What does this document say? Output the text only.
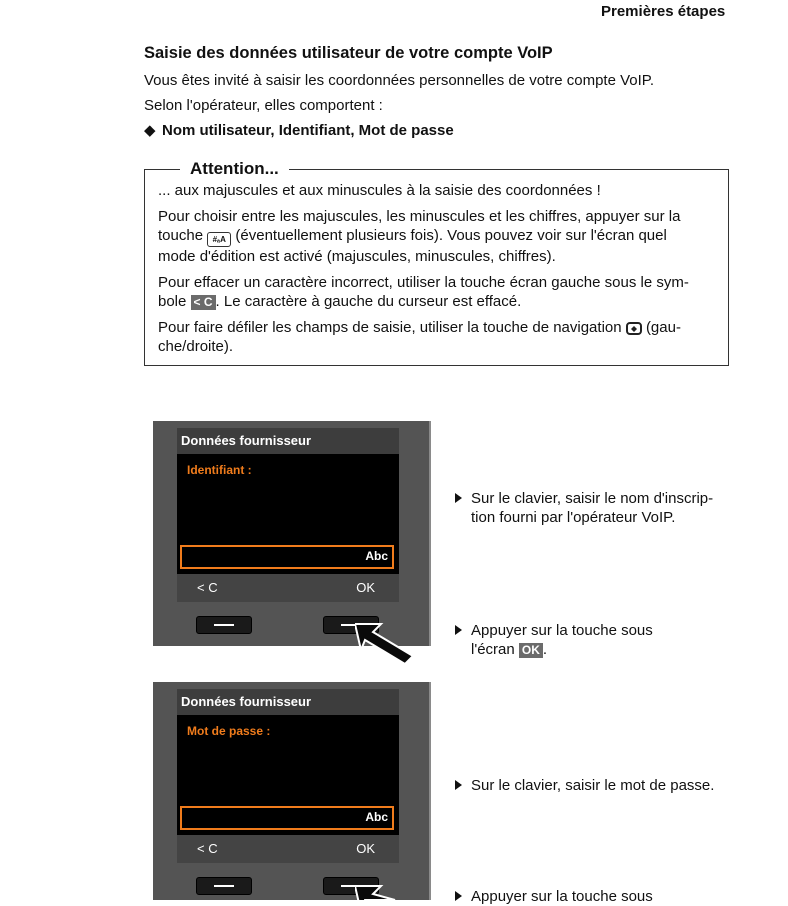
Premières étapes
Saisie des données utilisateur de votre compte VoIP
Vous êtes invité à saisir les coordonnées personnelles de votre compte VoIP.
Selon l'opérateur, elles comportent :
◆ Nom utilisateur, Identifiant, Mot de passe
Attention...
... aux majuscules et aux minuscules à la saisie des coordonnées !
Pour choisir entre les majuscules, les minuscules et les chiffres, appuyer sur la
touche #ₐA (éventuellement plusieurs fois). Vous pouvez voir sur l'écran quel
mode d'édition est activé (majuscules, minuscules, chiffres).
Pour effacer un caractère incorrect, utiliser la touche écran gauche sous le sym-
bole < C . Le caractère à gauche du curseur est effacé.
Pour faire défiler les champs de saisie, utiliser la touche de navigation (gau-
che/droite).
Données fournisseur
Identifiant :
Abc
< C	OK
Données fournisseur
Mot de passe :
Abc
< C	OK
Sur le clavier, saisir le nom d'inscrip-
tion fourni par l'opérateur VoIP.
Appuyer sur la touche sous
l'écran OK .
Sur le clavier, saisir le mot de passe.
Appuyer sur la touche sous
